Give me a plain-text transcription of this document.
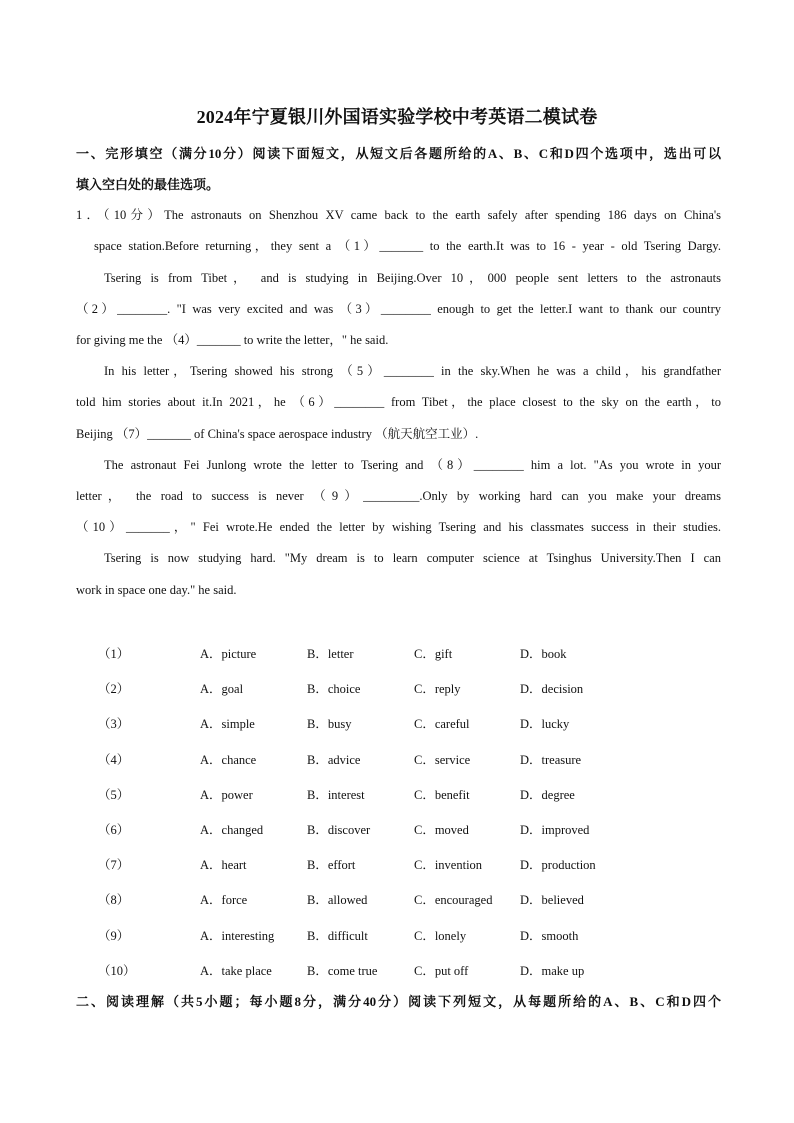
2024年宁夏银川外国语实验学校中考英语二模试卷
一、完形填空（满分10分）阅读下面短文，从短文后各题所给的A、B、C和D四个选项中，选出可以
填入空白处的最佳选项。
1．（10分）The astronauts on Shenzhou XV came back to the earth safely after spending 186 days on China's
space station.Before returning，they sent a （1）_______ to the earth.It was to 16 - year - old Tsering Dargy.
Tsering is from Tibet， and is studying in Beijing.Over 10，000 people sent letters to the astronauts
（2）________. "I was very excited and was （3）________ enough to get the letter.I want to thank our country
for giving me the （4）_______ to write the letter，" he said.
In his letter，Tsering showed his strong （5）________ in the sky.When he was a child，his grandfather
told him stories about it.In 2021，he （6）________ from Tibet，the place closest to the sky on the earth，to
Beijing （7）_______ of China's space aerospace industry （航天航空工业）.
The astronaut Fei Junlong wrote the letter to Tsering and （8）________ him a lot. "As you wrote in your
letter， the road to success is never （9）_________.Only by working hard can you make your dreams
（10）_______，" Fei wrote.He ended the letter by wishing Tsering and his classmates success in their studies.
Tsering is now studying hard. "My dream is to learn computer science at Tsinghus University.Then I can
work in space one day." he said.
（1）	A．picture	B．letter	C．gift	D．book
（2）	A．goal	B．choice	C．reply	D．decision
（3）	A．simple	B．busy	C．careful	D．lucky
（4）	A．chance	B．advice	C．service	D．treasure
（5）	A．power	B．interest	C．benefit	D．degree
（6）	A．changed	B．discover	C．moved	D．improved
（7）	A．heart	B．effort	C．invention	D．production
（8）	A．force	B．allowed	C．encouraged D．believed
（9）	A．interesting	B．difficult	C．lonely	D．smooth
（10）	A．take place	B．come true	C．put off	D．make up
二、阅读理解（共5小题；每小题8分，满分40分）阅读下列短文，从每题所给的A、B、C和D四个
